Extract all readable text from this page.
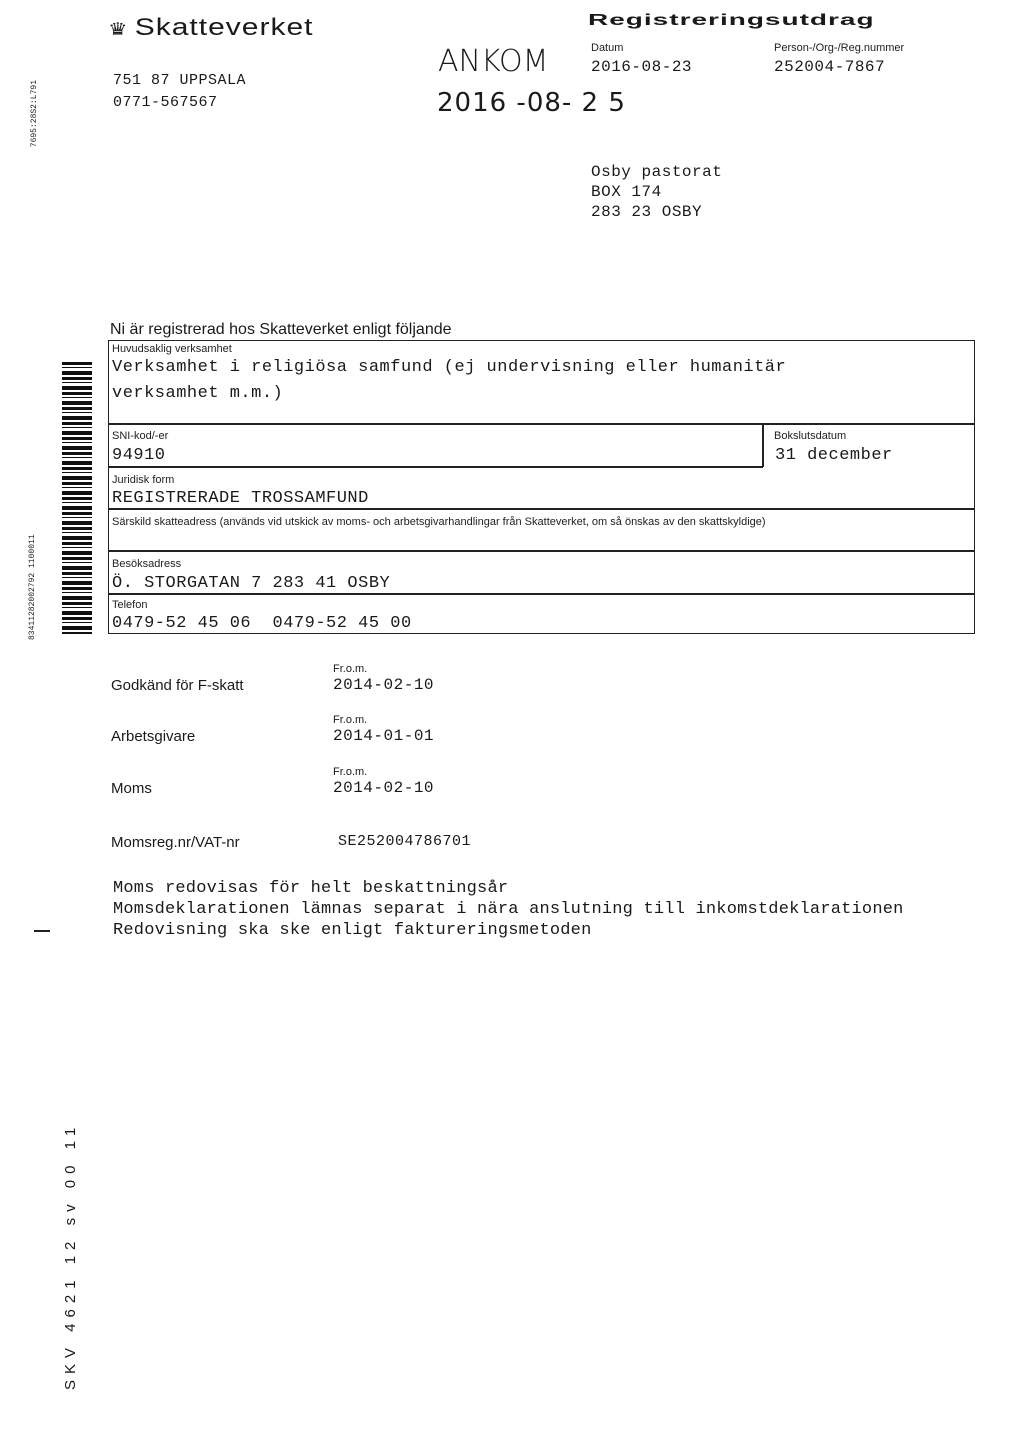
♛ Skatteverket
751 87 UPPSALA
0771-567567
ANKOM
2016 -08- 2 5
Registreringsutdrag
Datum
2016-08-23
Person-/Org-/Reg.nummer
252004-7867
Osby pastorat
BOX 174
283 23 OSBY
Ni är registrerad hos Skatteverket enligt följande
Huvudsaklig verksamhet
Verksamhet i religiösa samfund (ej undervisning eller humanitär
verksamhet m.m.)
SNI-kod/-er
94910
Bokslutsdatum
31 december
Juridisk form
REGISTRERADE TROSSAMFUND
Särskild skatteadress (används vid utskick av moms- och arbetsgivarhandlingar från Skatteverket, om så önskas av den skattskyldige)
Besöksadress
Ö. STORGATAN 7 283 41 OSBY
Telefon
0479-52 45 06  0479-52 45 00
Godkänd för F-skatt
Fr.o.m.
2014-02-10
Arbetsgivare
Fr.o.m.
2014-01-01
Moms
Fr.o.m.
2014-02-10
Momsreg.nr/VAT-nr	SE252004786701
Moms redovisas för helt beskattningsår
Momsdeklarationen lämnas separat i nära anslutning till inkomstdeklarationen
Redovisning ska ske enligt faktureringsmetoden
7695:28S2:L791
83411282002792 1100011
SKV 4621 12 sv 00 11
